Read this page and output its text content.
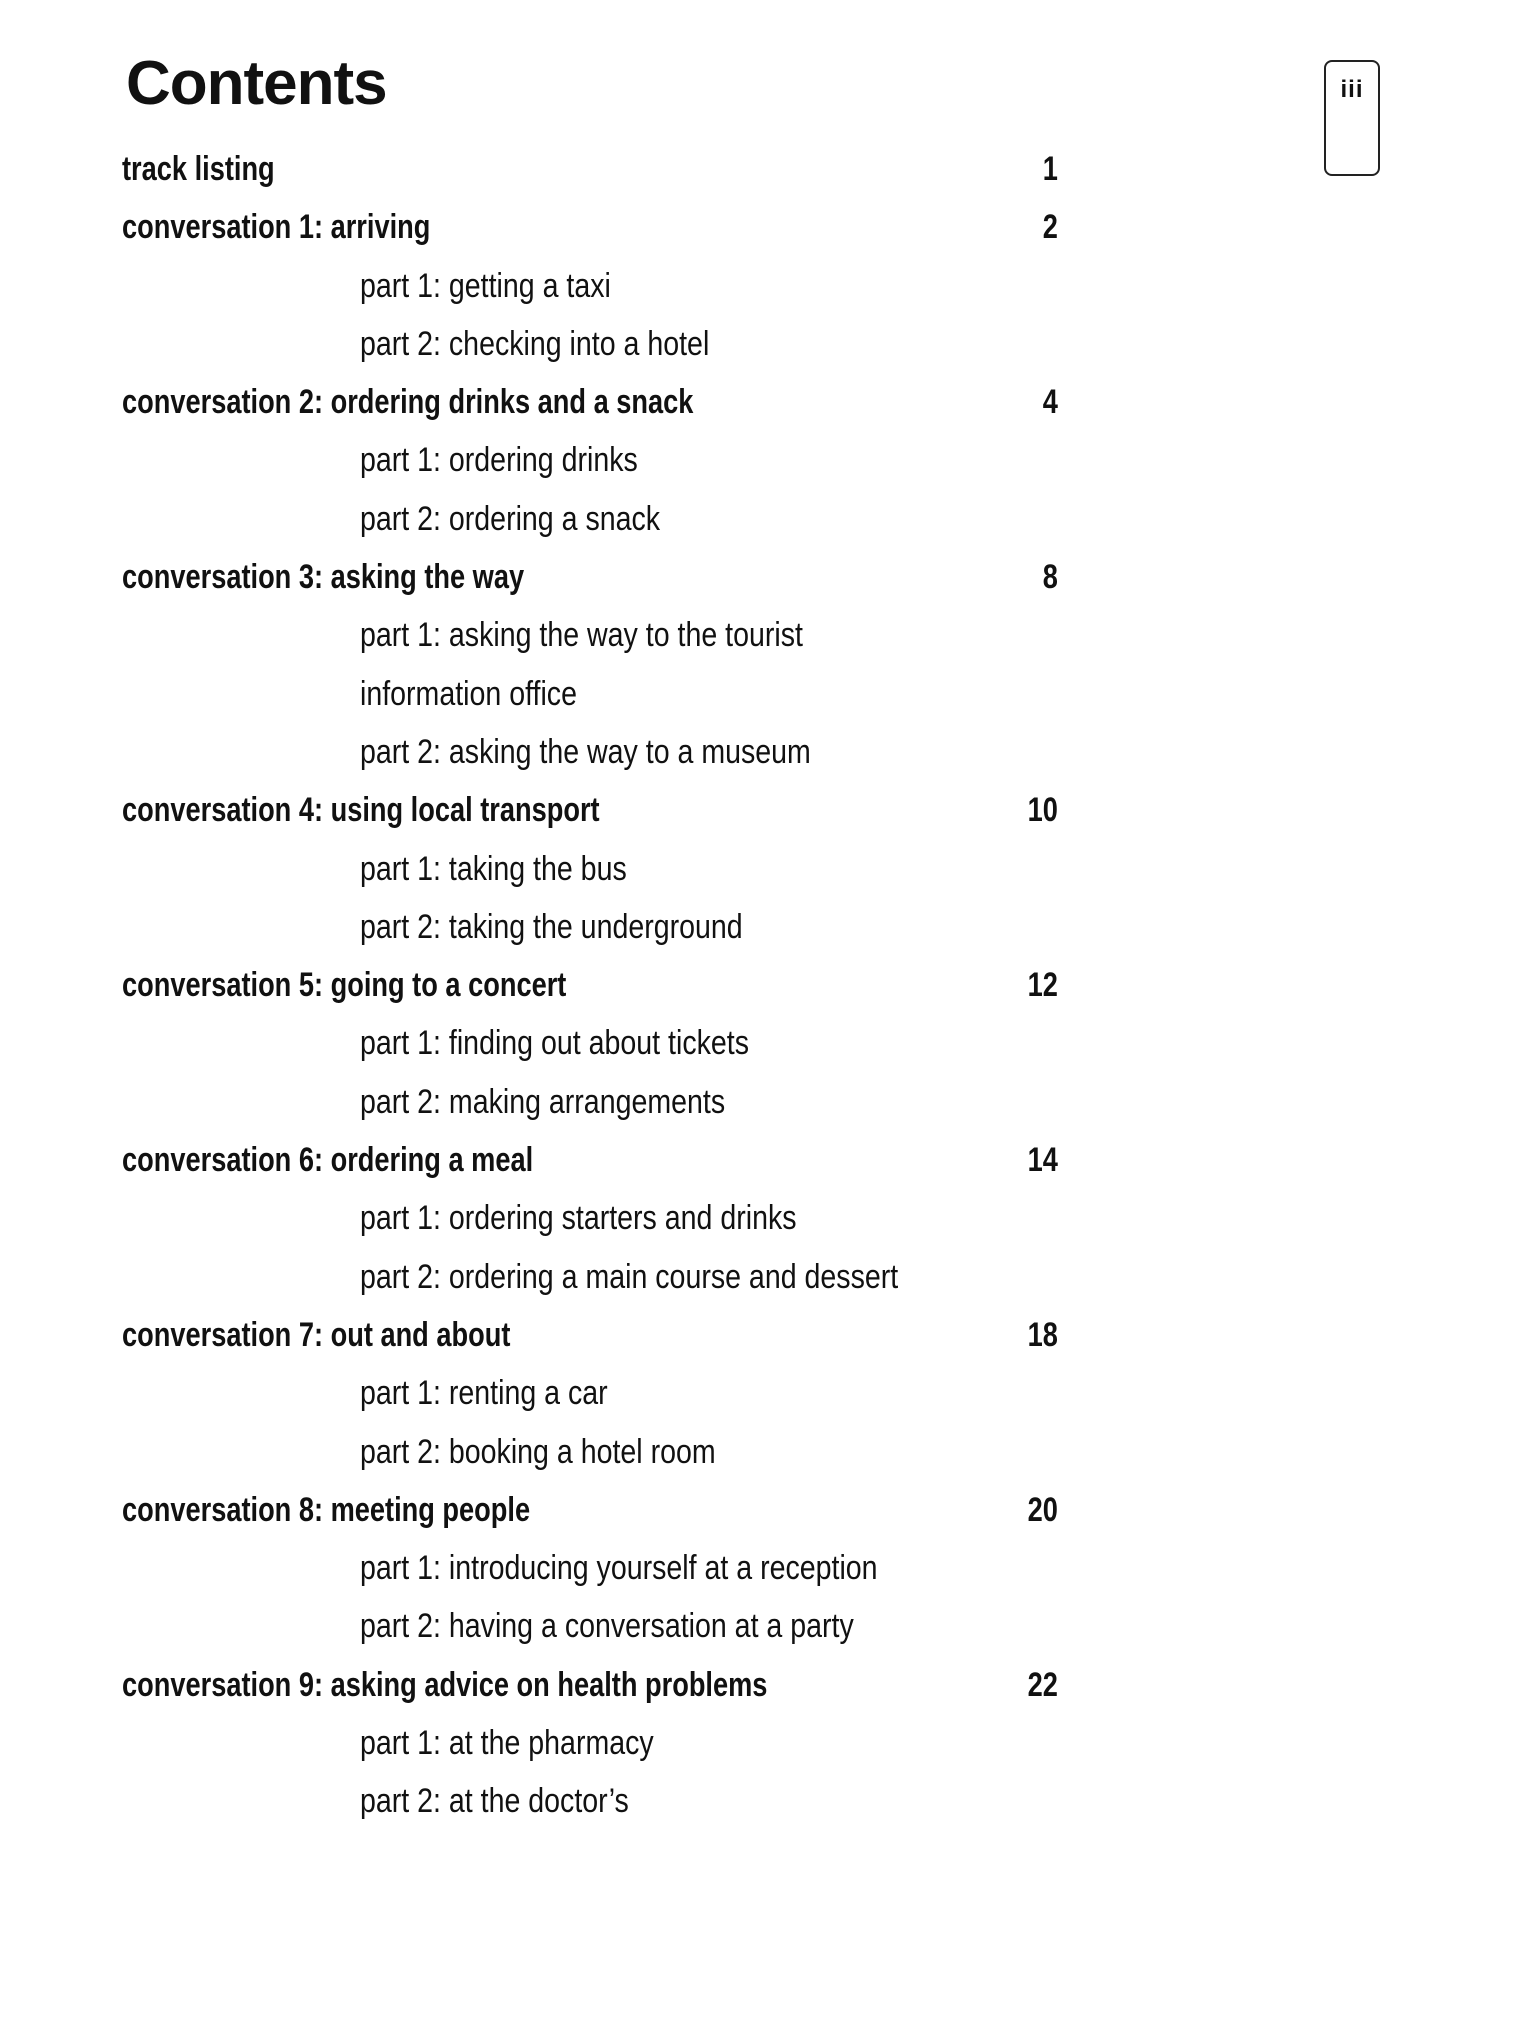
Contents	iii
track listing	1
conversation 1: arriving	2
part 1: getting a taxi
part 2: checking into a hotel
conversation 2: ordering drinks and a snack	4
part 1: ordering drinks
part 2: ordering a snack
conversation 3: asking the way	8
part 1: asking the way to the tourist
information office
part 2: asking the way to a museum
conversation 4: using local transport	10
part 1: taking the bus
part 2: taking the underground
conversation 5: going to a concert	12
part 1: finding out about tickets
part 2: making arrangements
conversation 6: ordering a meal	14
part 1: ordering starters and drinks
part 2: ordering a main course and dessert
conversation 7: out and about	18
part 1: renting a car
part 2: booking a hotel room
conversation 8: meeting people	20
part 1: introducing yourself at a reception
part 2: having a conversation at a party
conversation 9: asking advice on health problems	22
part 1: at the pharmacy
part 2: at the doctor’s
